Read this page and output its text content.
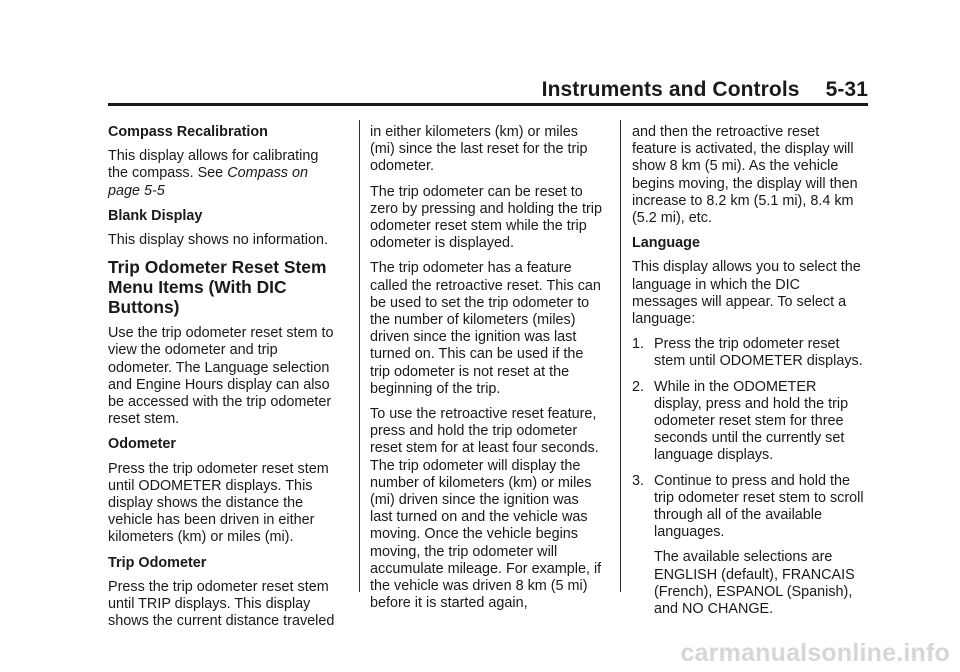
Instruments and Controls 5-31

Compass Recalibration

This display allows for calibrating the compass. See Compass on page 5-5

Blank Display

This display shows no information.

Trip Odometer Reset Stem Menu Items (With DIC Buttons)

Use the trip odometer reset stem to view the odometer and trip odometer. The Language selection and Engine Hours display can also be accessed with the trip odometer reset stem.

Odometer

Press the trip odometer reset stem until ODOMETER displays. This display shows the distance the vehicle has been driven in either kilometers (km) or miles (mi).

Trip Odometer

Press the trip odometer reset stem until TRIP displays. This display shows the current distance traveled

in either kilometers (km) or miles (mi) since the last reset for the trip odometer.

The trip odometer can be reset to zero by pressing and holding the trip odometer reset stem while the trip odometer is displayed.

The trip odometer has a feature called the retroactive reset. This can be used to set the trip odometer to the number of kilometers (miles) driven since the ignition was last turned on. This can be used if the trip odometer is not reset at the beginning of the trip.

To use the retroactive reset feature, press and hold the trip odometer reset stem for at least four seconds. The trip odometer will display the number of kilometers (km) or miles (mi) driven since the ignition was last turned on and the vehicle was moving. Once the vehicle begins moving, the trip odometer will accumulate mileage. For example, if the vehicle was driven 8 km (5 mi) before it is started again,

and then the retroactive reset feature is activated, the display will show 8 km (5 mi). As the vehicle begins moving, the display will then increase to 8.2 km (5.1 mi), 8.4 km (5.2 mi), etc.

Language

This display allows you to select the language in which the DIC messages will appear. To select a language:

1. Press the trip odometer reset stem until ODOMETER displays.
2. While in the ODOMETER display, press and hold the trip odometer reset stem for three seconds until the currently set language displays.
3. Continue to press and hold the trip odometer reset stem to scroll through all of the available languages.

The available selections are ENGLISH (default), FRANCAIS (French), ESPANOL (Spanish), and NO CHANGE.

carmanualsonline.info
